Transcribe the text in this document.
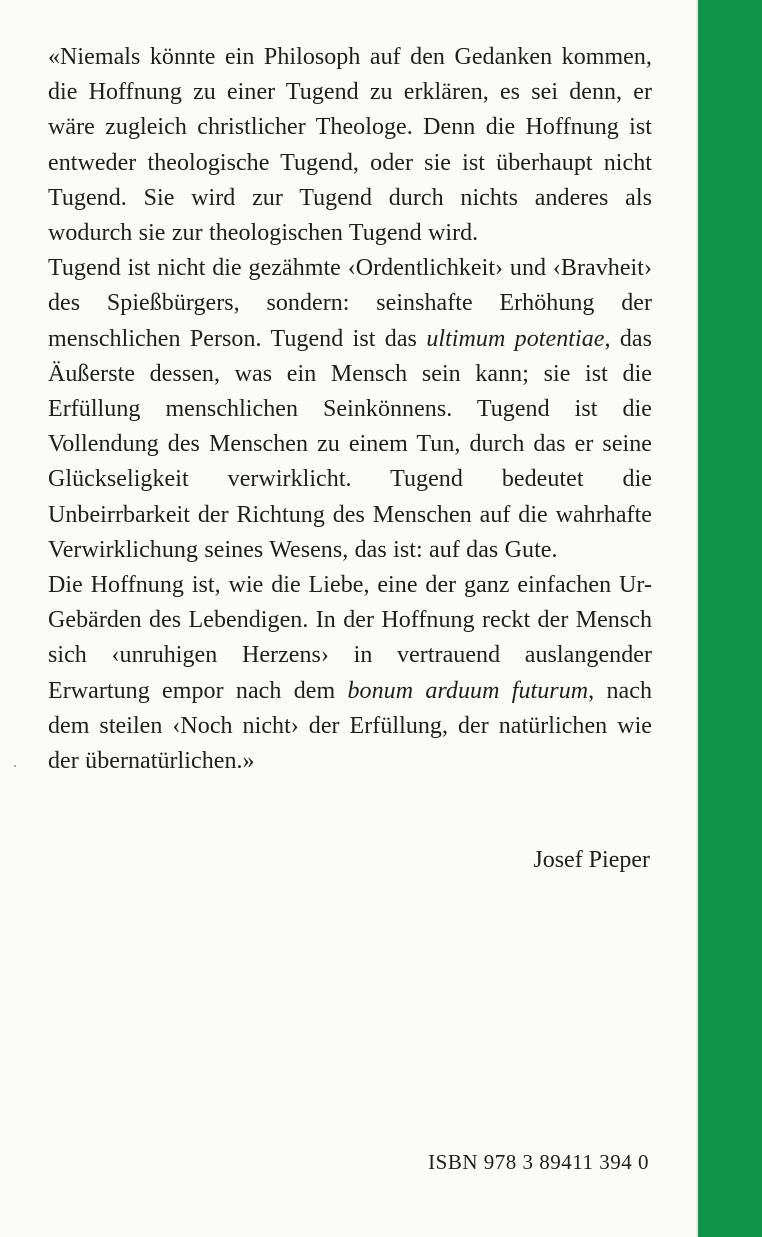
«Niemals könnte ein Philosoph auf den Gedanken kommen, die Hoffnung zu einer Tugend zu erklären, es sei denn, er wäre zugleich christlicher Theologe. Denn die Hoffnung ist entweder theologische Tugend, oder sie ist überhaupt nicht Tugend. Sie wird zur Tugend durch nichts anderes als wodurch sie zur theologischen Tugend wird.

Tugend ist nicht die gezähmte ‹Ordentlichkeit› und ‹Bravheit› des Spießbürgers, sondern: seinshafte Erhöhung der menschlichen Person. Tugend ist das ultimum potentiae, das Äußerste dessen, was ein Mensch sein kann; sie ist die Erfüllung menschlichen Seinkönnens. Tugend ist die Vollendung des Menschen zu einem Tun, durch das er seine Glückseligkeit verwirklicht. Tugend bedeutet die Unbeirrbarkeit der Richtung des Menschen auf die wahrhafte Verwirklichung seines Wesens, das ist: auf das Gute.

Die Hoffnung ist, wie die Liebe, eine der ganz einfachen Ur-Gebärden des Lebendigen. In der Hoffnung reckt der Mensch sich ‹unruhigen Herzens› in vertrauend auslangender Erwartung empor nach dem bonum arduum futurum, nach dem steilen ‹Noch nicht› der Erfüllung, der natürlichen wie der übernatürlichen.»

Josef Pieper
ISBN 978 3 89411 394 0
